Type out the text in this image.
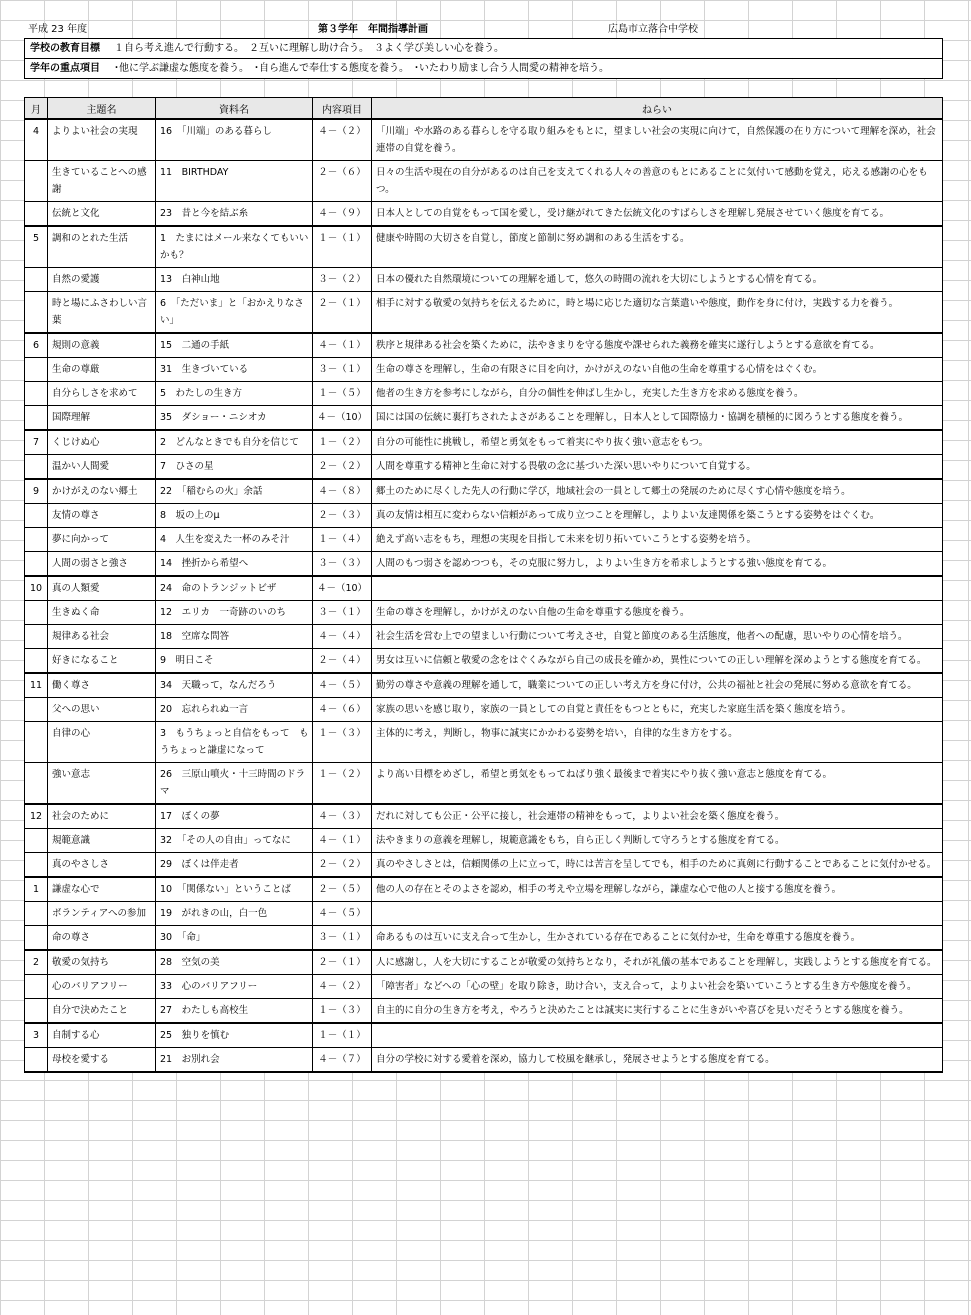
平成 23 年度	第３学年　年間指導計画	広島市立落合中学校
学校の教育目標 １自ら考え進んで行動する。　２互いに理解し助け合う。　３よく学び美しい心を養う。
学年の重点項目 ･他に学ぶ謙虚な態度を養う。　･自ら進んで奉仕する態度を養う。　･いたわり励まし合う人間愛の精神を培う。
月	主題名	資料名	内容項目	ねらい
4	よりよい社会の実現	16　「川端」のある暮らし	４－（２）	「川端」や水路のある暮らしを守る取り組みをもとに，望ましい社会の実現に向けて，自然保護の在り方について理解を深め，社会連帯の自覚を養う。
	生きていることへの感謝	11　BIRTHDAY	２－（６）	日々の生活や現在の自分があるのは自己を支えてくれる人々の善意のもとにあることに気付いて感動を覚え，応える感謝の心をもつ。
	伝統と文化	23　昔と今を結ぶ糸	４－（９）	日本人としての自覚をもって国を愛し，受け継がれてきた伝統文化のすばらしさを理解し発展させていく態度を育てる。
5	調和のとれた生活	1　たまにはメール来なくてもいいかも？	１－（１）	健康や時間の大切さを自覚し，節度と節制に努め調和のある生活をする。
	自然の愛護	13　白神山地	３－（２）	日本の優れた自然環境についての理解を通して，悠久の時間の流れを大切にしようとする心情を育てる。
	時と場にふさわしい言葉	6　「ただいま」と「おかえりなさい」	２－（１）	相手に対する敬愛の気持ちを伝えるために，時と場に応じた適切な言葉遣いや態度，動作を身に付け，実践する力を養う。
6	規則の意義	15　二通の手紙	４－（１）	秩序と規律ある社会を築くために，法やきまりを守る態度や課せられた義務を確実に遂行しようとする意欲を育てる。
	生命の尊厳	31　生きづいている	３－（１）	生命の尊さを理解し，生命の有限さに目を向け，かけがえのない自他の生命を尊重する心情をはぐくむ。
	自分らしさを求めて	5　わたしの生き方	１－（５）	他者の生き方を参考にしながら，自分の個性を伸ばし生かし，充実した生き方を求める態度を養う。
	国際理解	35　ダショー・ニシオカ	４－（10）	国には国の伝統に裏打ちされたよさがあることを理解し，日本人として国際協力・協調を積極的に図ろうとする態度を養う。
7	くじけぬ心	2　どんなときでも自分を信じて	１－（２）	自分の可能性に挑戦し，希望と勇気をもって着実にやり抜く強い意志をもつ。
	温かい人間愛	7　ひさの星	２－（２）	人間を尊重する精神と生命に対する畏敬の念に基づいた深い思いやりについて自覚する。
9	かけがえのない郷土	22　「稲むらの火」余話	４－（８）	郷土のために尽くした先人の行動に学び，地域社会の一員として郷土の発展のために尽くす心情や態度を培う。
	友情の尊さ	8　坂の上のμ	２－（３）	真の友情は相互に変わらない信頼があって成り立つことを理解し，よりよい友達関係を築こうとする姿勢をはぐくむ。
	夢に向かって	4　人生を変えた一杯のみそ汁	１－（４）	絶えず高い志をもち，理想の実現を目指して未来を切り拓いていこうとする姿勢を培う。
	人間の弱さと強さ	14　挫折から希望へ	３－（３）	人間のもつ弱さを認めつつも，その克服に努力し，よりよい生き方を希求しようとする強い態度を育てる。
10	真の人類愛	24　命のトランジットビザ	４－（10）	
	生きぬく命	12　エリカ　一奇跡のいのち	３－（１）	生命の尊さを理解し，かけがえのない自他の生命を尊重する態度を養う。
	規律ある社会	18　空席な問答	４－（４）	社会生活を営む上での望ましい行動について考えさせ，自覚と節度のある生活態度，他者への配慮，思いやりの心情を培う。
	好きになること	9　明日こそ	２－（４）	男女は互いに信頼と敬愛の念をはぐくみながら自己の成長を確かめ，異性についての正しい理解を深めようとする態度を育てる。
11	働く尊さ	34　天職って，なんだろう	４－（５）	勤労の尊さや意義の理解を通して，職業についての正しい考え方を身に付け，公共の福祉と社会の発展に努める意欲を育てる。
	父への思い	20　忘れられぬ一言	４－（６）	家族の思いを感じ取り，家族の一員としての自覚と責任をもつとともに，充実した家庭生活を築く態度を培う。
	自律の心	3　もうちょっと自信をもって　もうちょっと謙虚になって	１－（３）	主体的に考え，判断し，物事に誠実にかかわる姿勢を培い，自律的な生き方をする。
	強い意志	26　三原山噴火・十三時間のドラマ	１－（２）	より高い目標をめざし，希望と勇気をもってねばり強く最後まで着実にやり抜く強い意志と態度を育てる。
12	社会のために	17　ぼくの夢	４－（３）	だれに対しても公正・公平に接し，社会連帯の精神をもって，よりよい社会を築く態度を養う。
	規範意識	32　「その人の自由」ってなに	４－（１）	法やきまりの意義を理解し，規範意識をもち，自ら正しく判断して守ろうとする態度を育てる。
	真のやさしさ	29　ぼくは伴走者	２－（２）	真のやさしさとは，信頼関係の上に立って，時には苦言を呈してでも，相手のために真剣に行動することであることに気付かせる。
1	謙虚な心で	10　「関係ない」ということば	２－（５）	他の人の存在とそのよさを認め，相手の考えや立場を理解しながら，謙虚な心で他の人と接する態度を養う。
	ボランティアへの参加	19　がれきの山，白一色	４－（５）	
	命の尊さ	30　「命」	３－（１）	命あるものは互いに支え合って生かし，生かされている存在であることに気付かせ，生命を尊重する態度を養う。
2	敬愛の気持ち	28　空気の美	２－（１）	人に感謝し，人を大切にすることが敬愛の気持ちとなり，それが礼儀の基本であることを理解し，実践しようとする態度を育てる。
	心のバリアフリー	33　心のバリアフリー	４－（２）	「障害者」などへの「心の壁」を取り除き，助け合い，支え合って，よりよい社会を築いていこうとする生き方や態度を養う。
	自分で決めたこと	27　わたしも高校生	１－（３）	自主的に自分の生き方を考え，やろうと決めたことは誠実に実行することに生きがいや喜びを見いだそうとする態度を養う。
3	自制する心	25　独りを慎む	１－（１）	
	母校を愛する	21　お別れ会	４－（７）	自分の学校に対する愛着を深め，協力して校風を継承し，発展させようとする態度を育てる。
